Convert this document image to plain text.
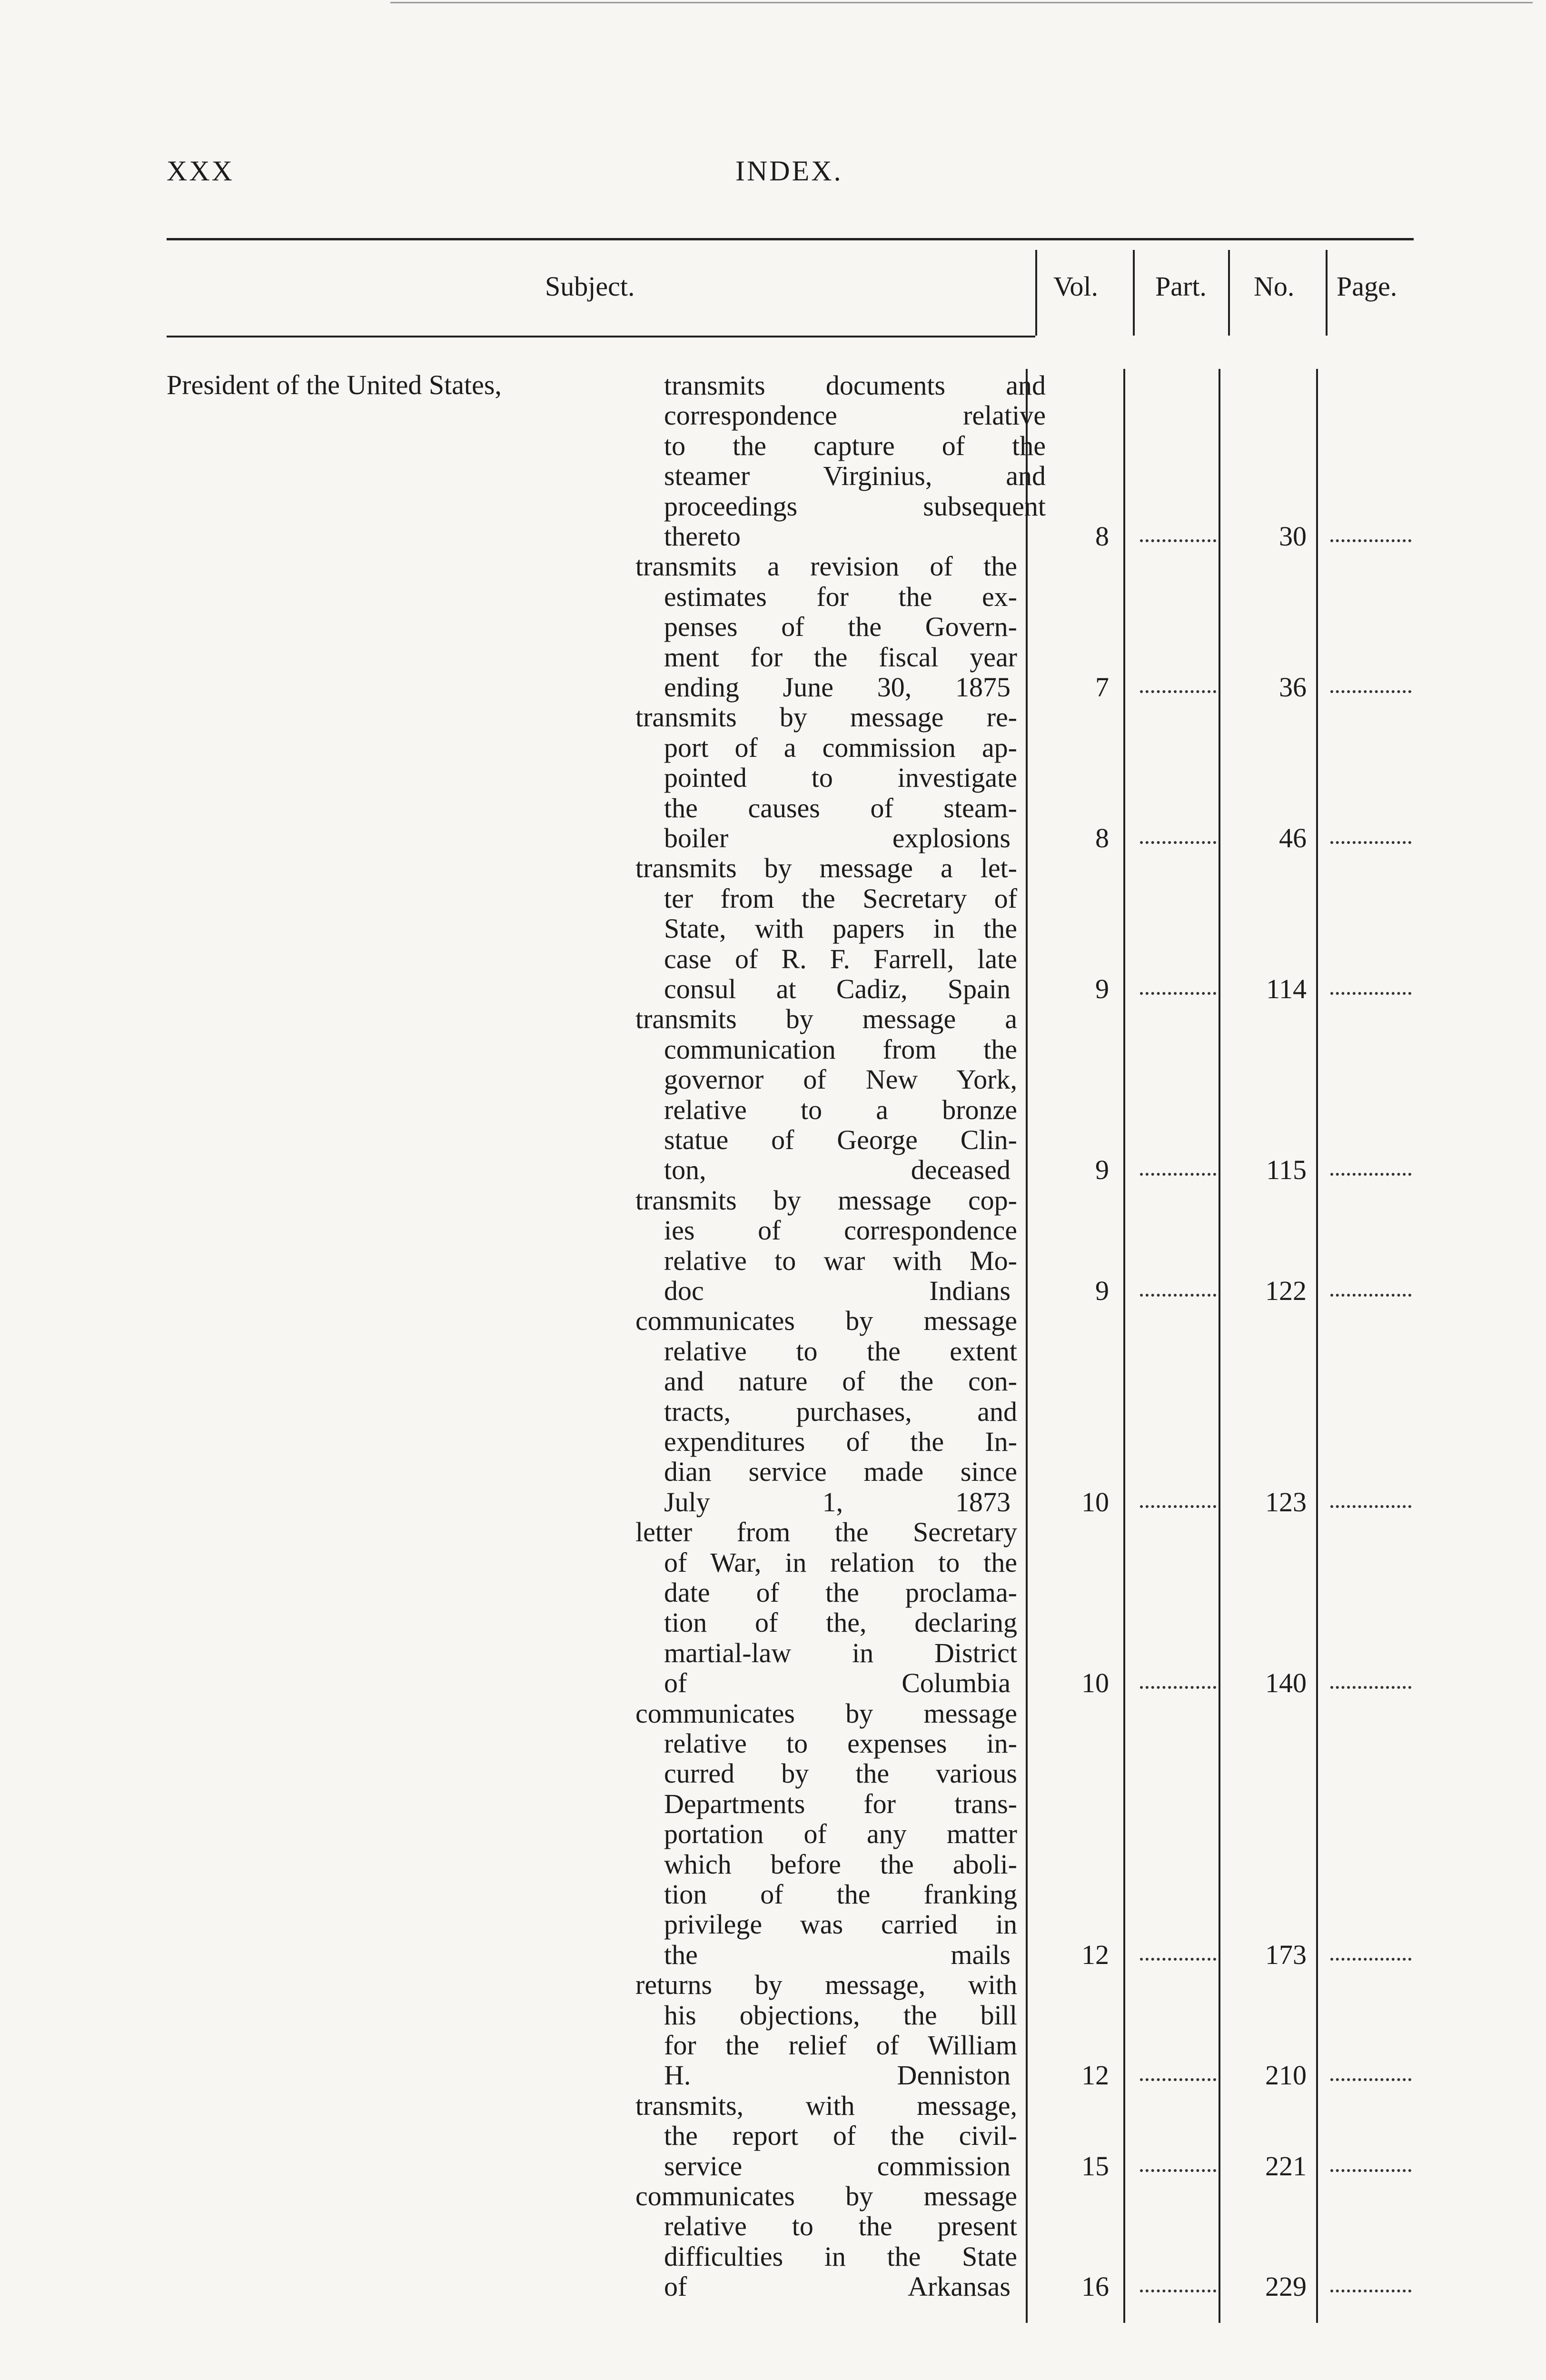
XXX	INDEX.
Subject.	Vol. Part. No. Page.
President of the United States,	transmits documents and
correspondence relative
to the capture of the
steamer Virginius, and
proceedings subsequent
thereto	8	30
transmits a revision of the
estimates for the ex-
penses of the Govern-
ment for the fiscal year
ending June 30, 1875	7	36
transmits by message re-
port of a commission ap-
pointed to investigate
the causes of steam-
boiler explosions	8	46
transmits by message a let-
ter from the Secretary of
State, with papers in the
case of R. F. Farrell, late
consul at Cadiz, Spain	9	114
transmits by message a
communication from the
governor of New York,
relative to a bronze
statue of George Clin-
ton, deceased	9	115
transmits by message cop-
ies of correspondence
relative to war with Mo-
doc Indians	9	122
communicates by message
relative to the extent
and nature of the con-
tracts, purchases, and
expenditures of the In-
dian service made since
July 1, 1873	10	123
letter from the Secretary
of War, in relation to the
date of the proclama-
tion of the, declaring
martial-law in District
of Columbia	10	140
communicates by message
relative to expenses in-
curred by the various
Departments for trans-
portation of any matter
which before the aboli-
tion of the franking
privilege was carried in
the mails	12	173
returns by message, with
his objections, the bill
for the relief of William
H. Denniston	12	210
transmits, with message,
the report of the civil-
service commission	15	221
communicates by message
relative to the present
difficulties in the State
of Arkansas	16	229
